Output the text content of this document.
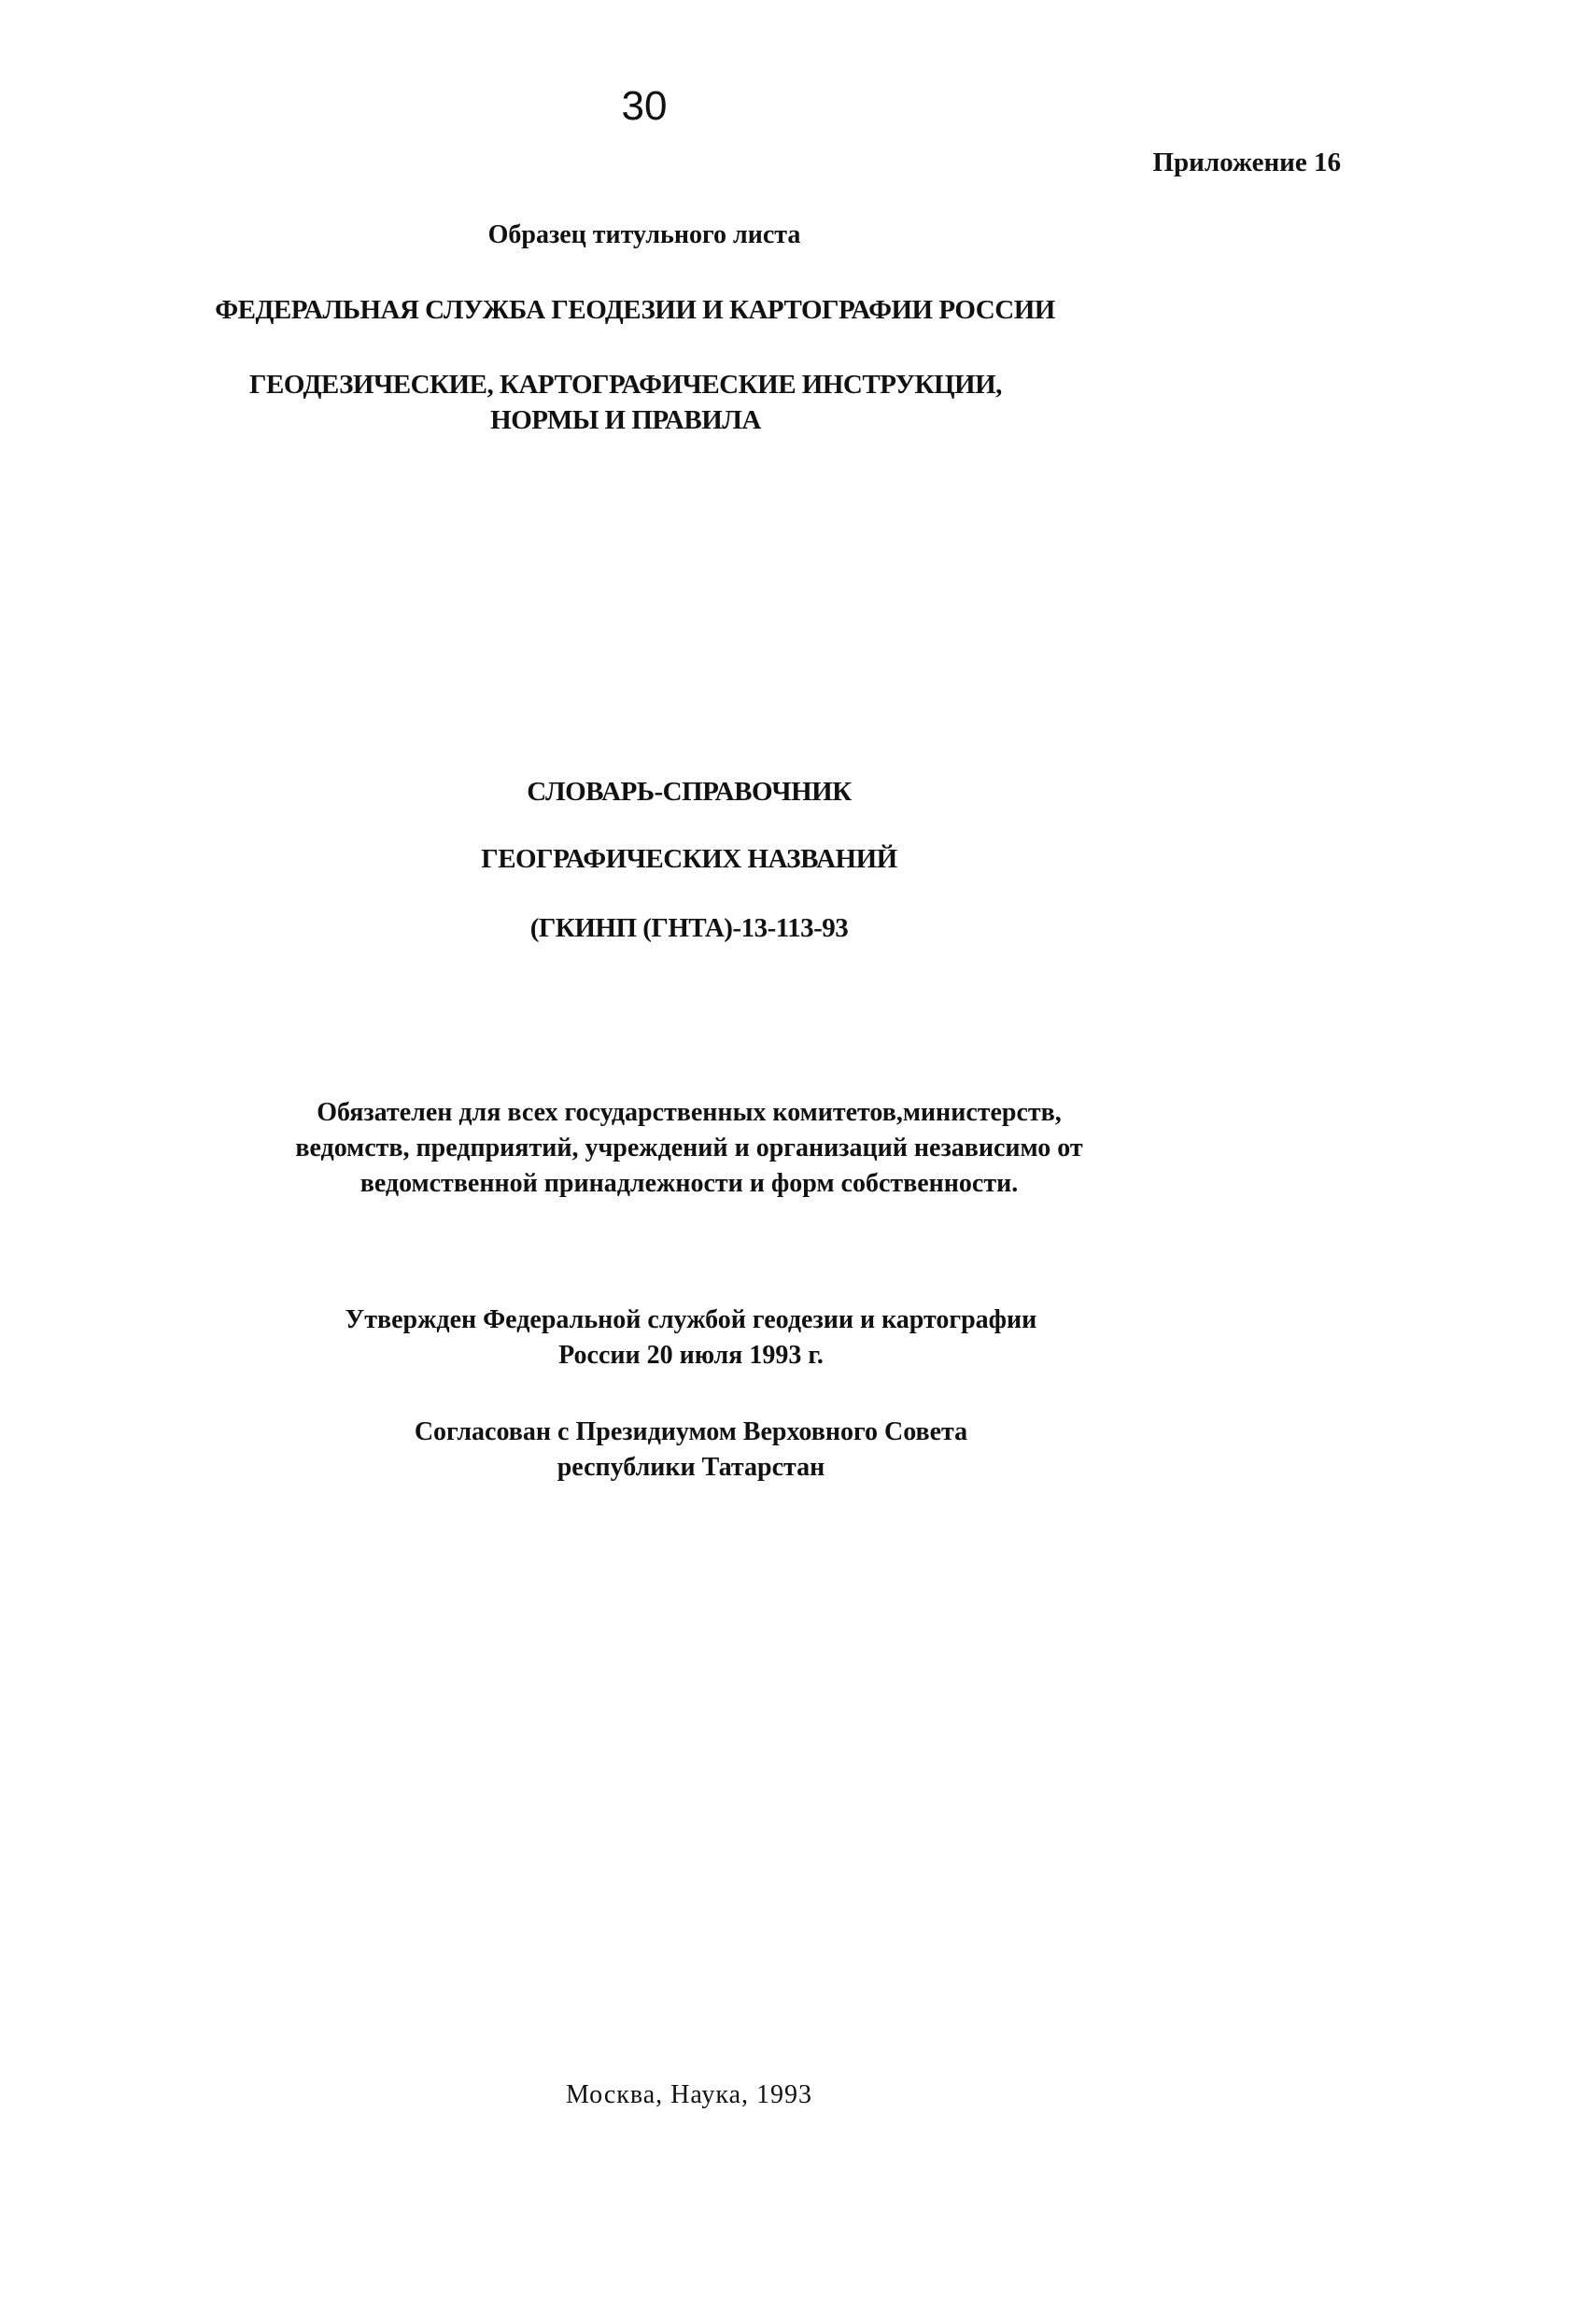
30
Приложение 16
Образец титульного листа
ФЕДЕРАЛЬНАЯ СЛУЖБА ГЕОДЕЗИИ И КАРТОГРАФИИ РОССИИ
ГЕОДЕЗИЧЕСКИЕ, КАРТОГРАФИЧЕСКИЕ ИНСТРУКЦИИ,
НОРМЫ И ПРАВИЛА
СЛОВАРЬ-СПРАВОЧНИК
ГЕОГРАФИЧЕСКИХ НАЗВАНИЙ
(ГКИНП (ГНТА)-13-113-93
Обязателен для всех государственных комитетов,министерств,
ведомств, предприятий, учреждений и организаций независимо от
ведомственной принадлежности и форм собственности.
Утвержден Федеральной службой геодезии и картографии
России 20 июля 1993 г.
Согласован с Президиумом Верховного Совета
республики Татарстан
Москва, Наука, 1993
